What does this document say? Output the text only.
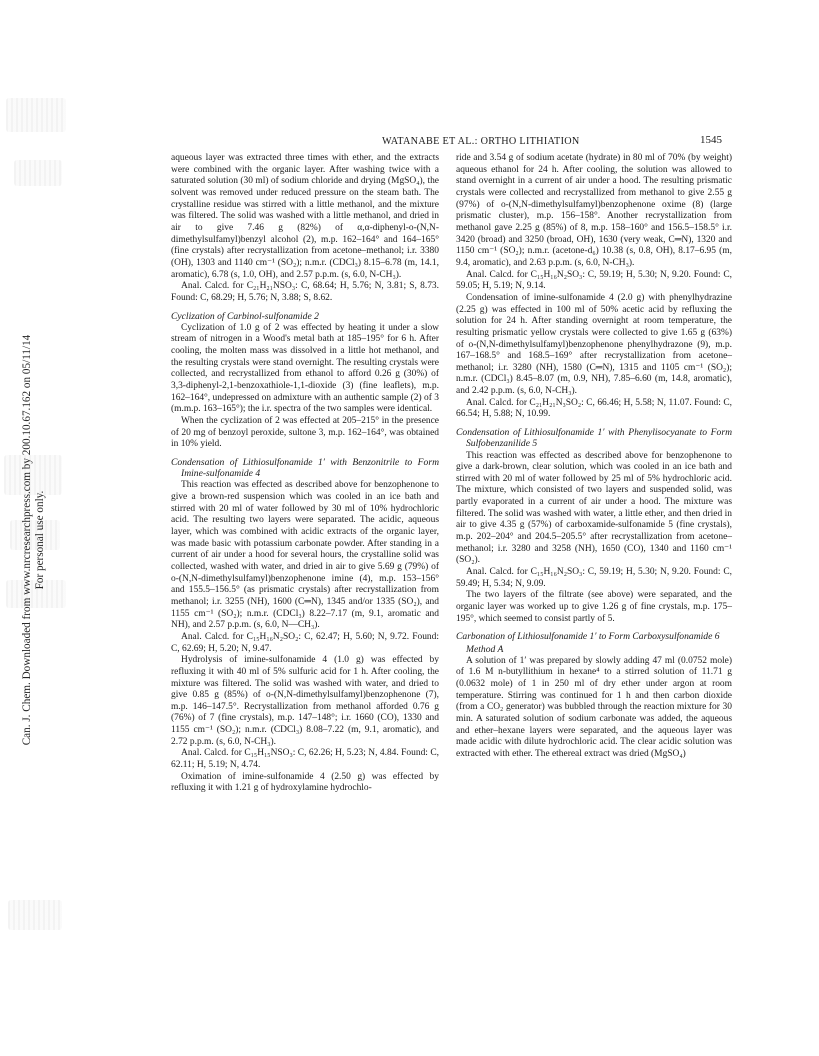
Can. J. Chem. Downloaded from www.nrcresearchpress.com by 200.10.67.162 on 05/11/14 For personal use only.
WATANABE ET AL.: ORTHO LITHIATION	1545

aqueous layer was extracted three times with ether, and the extracts were combined with the organic layer. After washing twice with a saturated solution (30 ml) of sodium chloride and drying (MgSO₄), the solvent was removed under reduced pressure on the steam bath. The crystalline residue was stirred with a little methanol, and the mixture was filtered. The solid was washed with a little methanol, and dried in air to give 7.46 g (82%) of α,α-diphenyl-o-(N,N-dimethylsulfamyl)benzyl alcohol (2), m.p. 162–164° and 164–165° (fine crystals) after recrystallization from acetone–methanol; i.r. 3380 (OH), 1303 and 1140 cm⁻¹ (SO₂); n.m.r. (CDCl₃) 8.15–6.78 (m, 14.1, aromatic), 6.78 (s, 1.0, OH), and 2.57 p.p.m. (s, 6.0, N-CH₃).

Anal. Calcd. for C₂₁H₂₁NSO₃: C, 68.64; H, 5.76; N, 3.81; S, 8.73. Found: C, 68.29; H, 5.76; N, 3.88; S, 8.62.

Cyclization of Carbinol-sulfonamide 2

Cyclization of 1.0 g of 2 was effected by heating it under a slow stream of nitrogen in a Wood's metal bath at 185–195° for 6 h. After cooling, the molten mass was dissolved in a little hot methanol, and the resulting crystals were stand overnight. The resulting crystals were collected, and recrystallized from ethanol to afford 0.26 g (30%) of 3,3-diphenyl-2,1-benzoxathiole-1,1-dioxide (3) (fine leaflets), m.p. 162–164°, undepressed on admixture with an authentic sample (2) of 3 (m.m.p. 163–165°); the i.r. spectra of the two samples were identical.

When the cyclization of 2 was effected at 205–215° in the presence of 20 mg of benzoyl peroxide, sultone 3, m.p. 162–164°, was obtained in 10% yield.

Condensation of Lithiosulfonamide 1′ with Benzonitrile to Form Imine-sulfonamide 4

This reaction was effected as described above for benzophenone to give a brown-red suspension which was cooled in an ice bath and stirred with 20 ml of water followed by 30 ml of 10% hydrochloric acid. The resulting two layers were separated. The acidic, aqueous layer, which was combined with acidic extracts of the organic layer, was made basic with potassium carbonate powder. After standing in a current of air under a hood for several hours, the crystalline solid was collected, washed with water, and dried in air to give 5.69 g (79%) of o-(N,N-dimethylsulfamyl)benzophenone imine (4), m.p. 153–156° and 155.5–156.5° (as prismatic crystals) after recrystallization from methanol; i.r. 3255 (NH), 1600 (C═N), 1345 and/or 1335 (SO₂), and 1155 cm⁻¹ (SO₂); n.m.r. (CDCl₃) 8.22–7.17 (m, 9.1, aromatic and NH), and 2.57 p.p.m. (s, 6.0, N—CH₃).

Anal. Calcd. for C₁₅H₁₆N₂SO₂: C, 62.47; H, 5.60; N, 9.72. Found: C, 62.69; H, 5.20; N, 9.47.

Hydrolysis of imine-sulfonamide 4 (1.0 g) was effected by refluxing it with 40 ml of 5% sulfuric acid for 1 h. After cooling, the mixture was filtered. The solid was washed with water, and dried to give 0.85 g (85%) of o-(N,N-dimethylsulfamyl)benzophenone (7), m.p. 146–147.5°. Recrystallization from methanol afforded 0.76 g (76%) of 7 (fine crystals), m.p. 147–148°; i.r. 1660 (CO), 1330 and 1155 cm⁻¹ (SO₂); n.m.r. (CDCl₃) 8.08–7.22 (m, 9.1, aromatic), and 2.72 p.p.m. (s, 6.0, N-CH₃).

Anal. Calcd. for C₁₅H₁₅NSO₃: C, 62.26; H, 5.23; N, 4.84. Found: C, 62.11; H, 5.19; N, 4.74.

Oximation of imine-sulfonamide 4 (2.50 g) was effected by refluxing it with 1.21 g of hydroxylamine hydrochlo-

ride and 3.54 g of sodium acetate (hydrate) in 80 ml of 70% (by weight) aqueous ethanol for 24 h. After cooling, the solution was allowed to stand overnight in a current of air under a hood. The resulting prismatic crystals were collected and recrystallized from methanol to give 2.55 g (97%) of o-(N,N-dimethylsulfamyl)benzophenone oxime (8) (large prismatic cluster), m.p. 156–158°. Another recrystallization from methanol gave 2.25 g (85%) of 8, m.p. 158–160° and 156.5–158.5° i.r. 3420 (broad) and 3250 (broad, OH), 1630 (very weak, C═N), 1320 and 1150 cm⁻¹ (SO₂); n.m.r. (acetone-d₆) 10.38 (s, 0.8, OH), 8.17–6.95 (m, 9.4, aromatic), and 2.63 p.p.m. (s, 6.0, N-CH₃).

Anal. Calcd. for C₁₅H₁₆N₂SO₃: C, 59.19; H, 5.30; N, 9.20. Found: C, 59.05; H, 5.19; N, 9.14.

Condensation of imine-sulfonamide 4 (2.0 g) with phenylhydrazine (2.25 g) was effected in 100 ml of 50% acetic acid by refluxing the solution for 24 h. After standing overnight at room temperature, the resulting prismatic yellow crystals were collected to give 1.65 g (63%) of o-(N,N-dimethylsulfamyl)benzophenone phenylhydrazone (9), m.p. 167–168.5° and 168.5–169° after recrystallization from acetone–methanol; i.r. 3280 (NH), 1580 (C═N), 1315 and 1105 cm⁻¹ (SO₂); n.m.r. (CDCl₃) 8.45–8.07 (m, 0.9, NH), 7.85–6.60 (m, 14.8, aromatic), and 2.42 p.p.m. (s, 6.0, N-CH₃).

Anal. Calcd. for C₂₁H₂₁N₃SO₂: C, 66.46; H, 5.58; N, 11.07. Found: C, 66.54; H, 5.88; N, 10.99.

Condensation of Lithiosulfonamide 1′ with Phenylisocyanate to Form Sulfobenzanilide 5

This reaction was effected as described above for benzophenone to give a dark-brown, clear solution, which was cooled in an ice bath and stirred with 20 ml of water followed by 25 ml of 5% hydrochloric acid. The mixture, which consisted of two layers and suspended solid, was partly evaporated in a current of air under a hood. The mixture was filtered. The solid was washed with water, a little ether, and then dried in air to give 4.35 g (57%) of carboxamide-sulfonamide 5 (fine crystals), m.p. 202–204° and 204.5–205.5° after recrystallization from acetone–methanol; i.r. 3280 and 3258 (NH), 1650 (CO), 1340 and 1160 cm⁻¹ (SO₂).

Anal. Calcd. for C₁₅H₁₆N₂SO₃: C, 59.19; H, 5.30; N, 9.20. Found: C, 59.49; H, 5.34; N, 9.09.

The two layers of the filtrate (see above) were separated, and the organic layer was worked up to give 1.26 g of fine crystals, m.p. 175–195°, which seemed to consist partly of 5.

Carbonation of Lithiosulfonamide 1′ to Form Carboxysulfonamide 6
Method A

A solution of 1′ was prepared by slowly adding 47 ml (0.0752 mole) of 1.6 M n-butyllithium in hexane⁴ to a stirred solution of 11.71 g (0.0632 mole) of 1 in 250 ml of dry ether under argon at room temperature. Stirring was continued for 1 h and then carbon dioxide (from a CO₂ generator) was bubbled through the reaction mixture for 30 min. A saturated solution of sodium carbonate was added, the aqueous and ether–hexane layers were separated, and the aqueous layer was made acidic with dilute hydrochloric acid. The clear acidic solution was extracted with ether. The ethereal extract was dried (MgSO₄)
